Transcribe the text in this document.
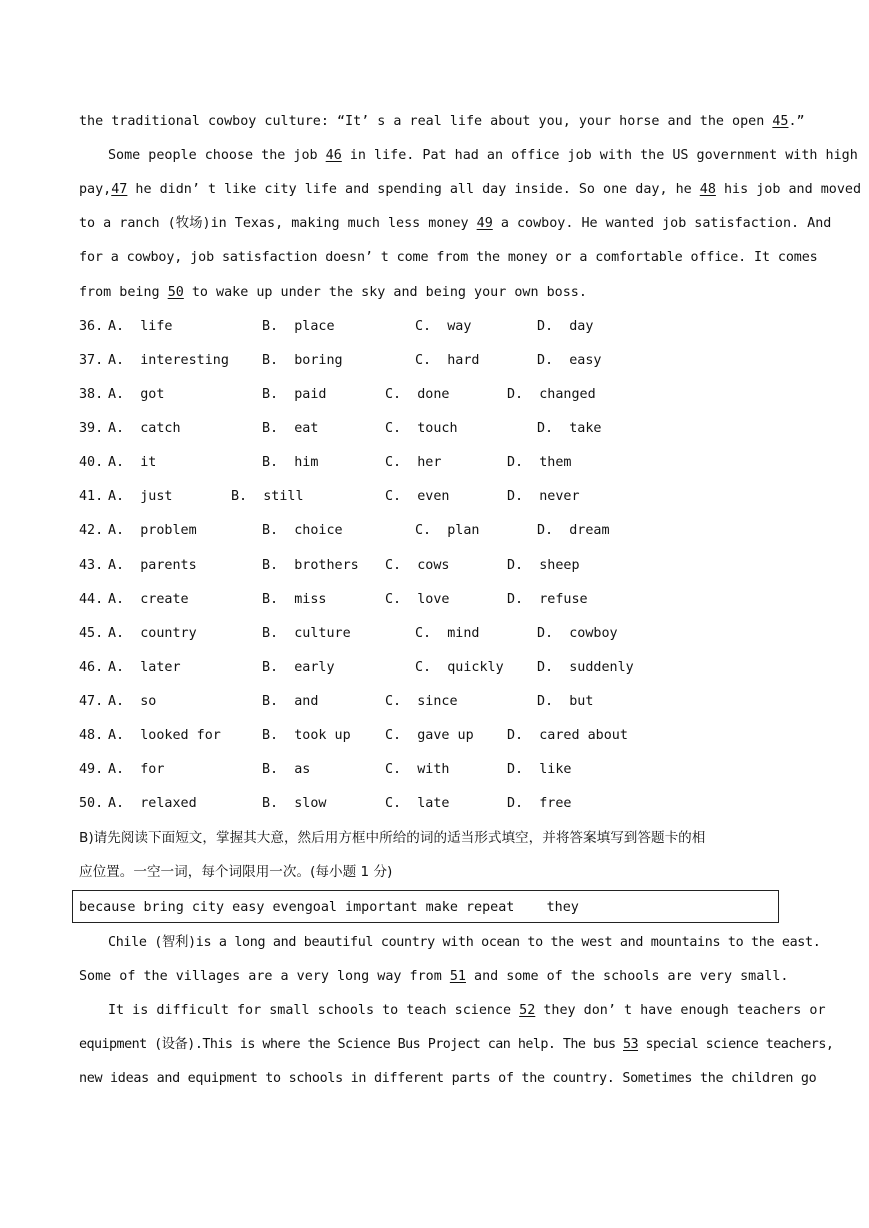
the traditional cowboy culture: “It’ s a real life about you, your horse and the open 45.”
Some people choose the job 46 in life. Pat had an office job with the US government with high
pay,47 he didn’ t like city life and spending all day inside. So one day, he 48 his job and moved
to a ranch (牧场)in Texas, making much less money 49 a cowboy. He wanted job satisfaction. And
for a cowboy, job satisfaction doesn’ t come from the money or a comfortable office. It comes
from being 50 to wake up under the sky and being your own boss.
36. A.  life	B.  place	C.  way	D.  day
37. A.  interesting B.  boring	C.  hard	D.  easy
38. A.  got	B.  paid	C.  done	D.  changed
39. A.  catch	B.  eat	C.  touch	D.  take
40. A.  it	B.  him	C.  her	D.  them
41. A.  just	B.  still	C.  even	D.  never
42. A.  problem	B.  choice	C.  plan	D.  dream
43. A.  parents	B.  brothers C.  cows	D.  sheep
44. A.  create	B.  miss	C.  love	D.  refuse
45. A.  country	B.  culture	C.  mind	D.  cowboy
46. A.  later	B.  early	C.  quickly D.  suddenly
47. A.  so	B.  and	C.  since	D.  but
48. A.  looked for	B.  took up	C.  gave up D.  cared about
49. A.  for	B.  as	C.  with	D.  like
50. A.  relaxed	B.  slow	C.  late	D.  free
B)请先阅读下面短文，掌握其大意，然后用方框中所给的词的适当形式填空，并将答案填写到答题卡的相
应位置。一空一词，每个词限用一次。(每小题 1 分)
because bring city easy evengoal important make repeat    they
Chile (智利)is a long and beautiful country with ocean to the west and mountains to the east.
Some of the villages are a very long way from 51 and some of the schools are very small.
It is difficult for small schools to teach science 52 they don’ t have enough teachers or
equipment (设备).This is where the Science Bus Project can help. The bus 53 special science teachers,
new ideas and equipment to schools in different parts of the country. Sometimes the children go
